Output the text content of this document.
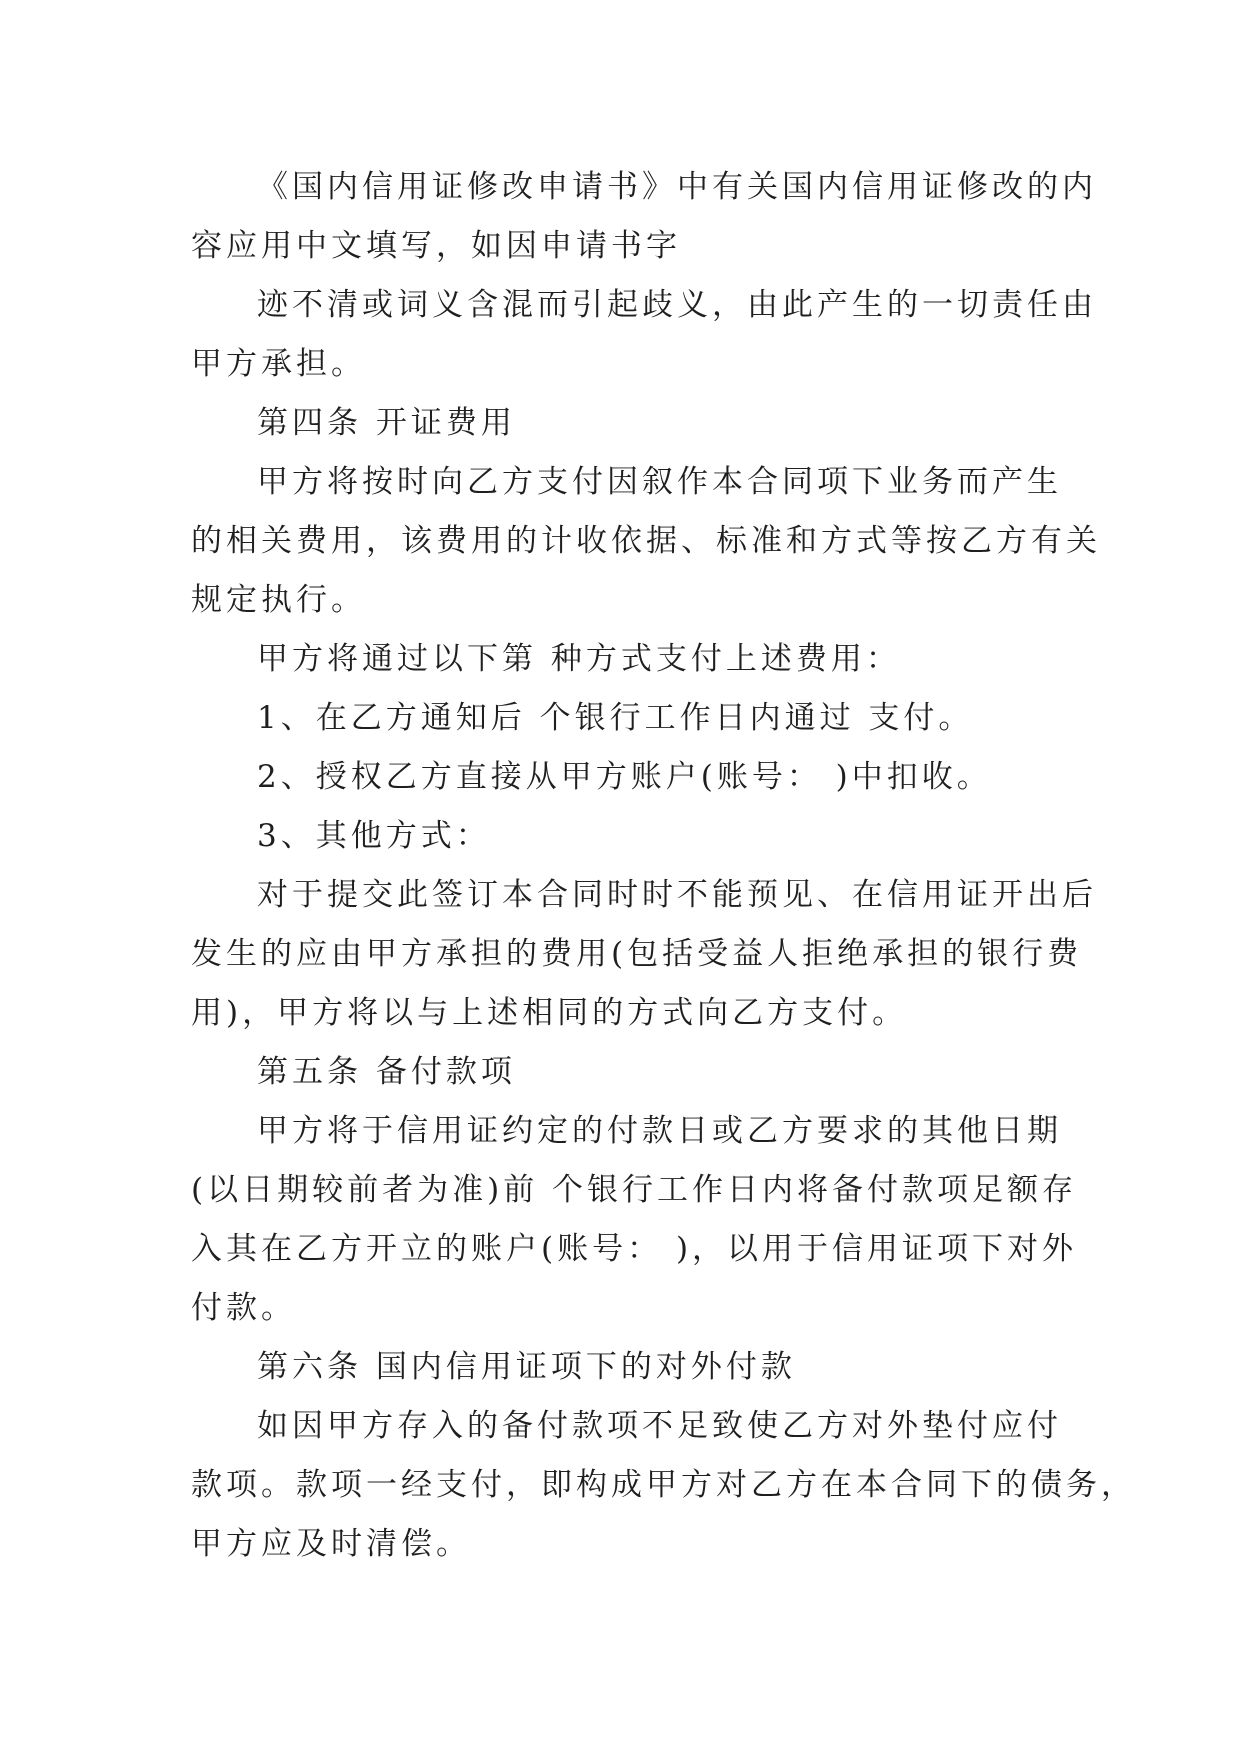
《国内信用证修改申请书》中有关国内信用证修改的内
容应用中文填写，如因申请书字
迹不清或词义含混而引起歧义，由此产生的一切责任由
甲方承担。
第四条 开证费用
甲方将按时向乙方支付因叙作本合同项下业务而产生
的相关费用，该费用的计收依据、标准和方式等按乙方有关
规定执行。
甲方将通过以下第 种方式支付上述费用：
1、在乙方通知后 个银行工作日内通过 支付。
2、授权乙方直接从甲方账户(账号： )中扣收。
3、其他方式：
对于提交此签订本合同时时不能预见、在信用证开出后
发生的应由甲方承担的费用(包括受益人拒绝承担的银行费
用)，甲方将以与上述相同的方式向乙方支付。
第五条 备付款项
甲方将于信用证约定的付款日或乙方要求的其他日期
(以日期较前者为准)前 个银行工作日内将备付款项足额存
入其在乙方开立的账户(账号： )，以用于信用证项下对外
付款。
第六条 国内信用证项下的对外付款
如因甲方存入的备付款项不足致使乙方对外垫付应付
款项。款项一经支付，即构成甲方对乙方在本合同下的债务，
甲方应及时清偿。
